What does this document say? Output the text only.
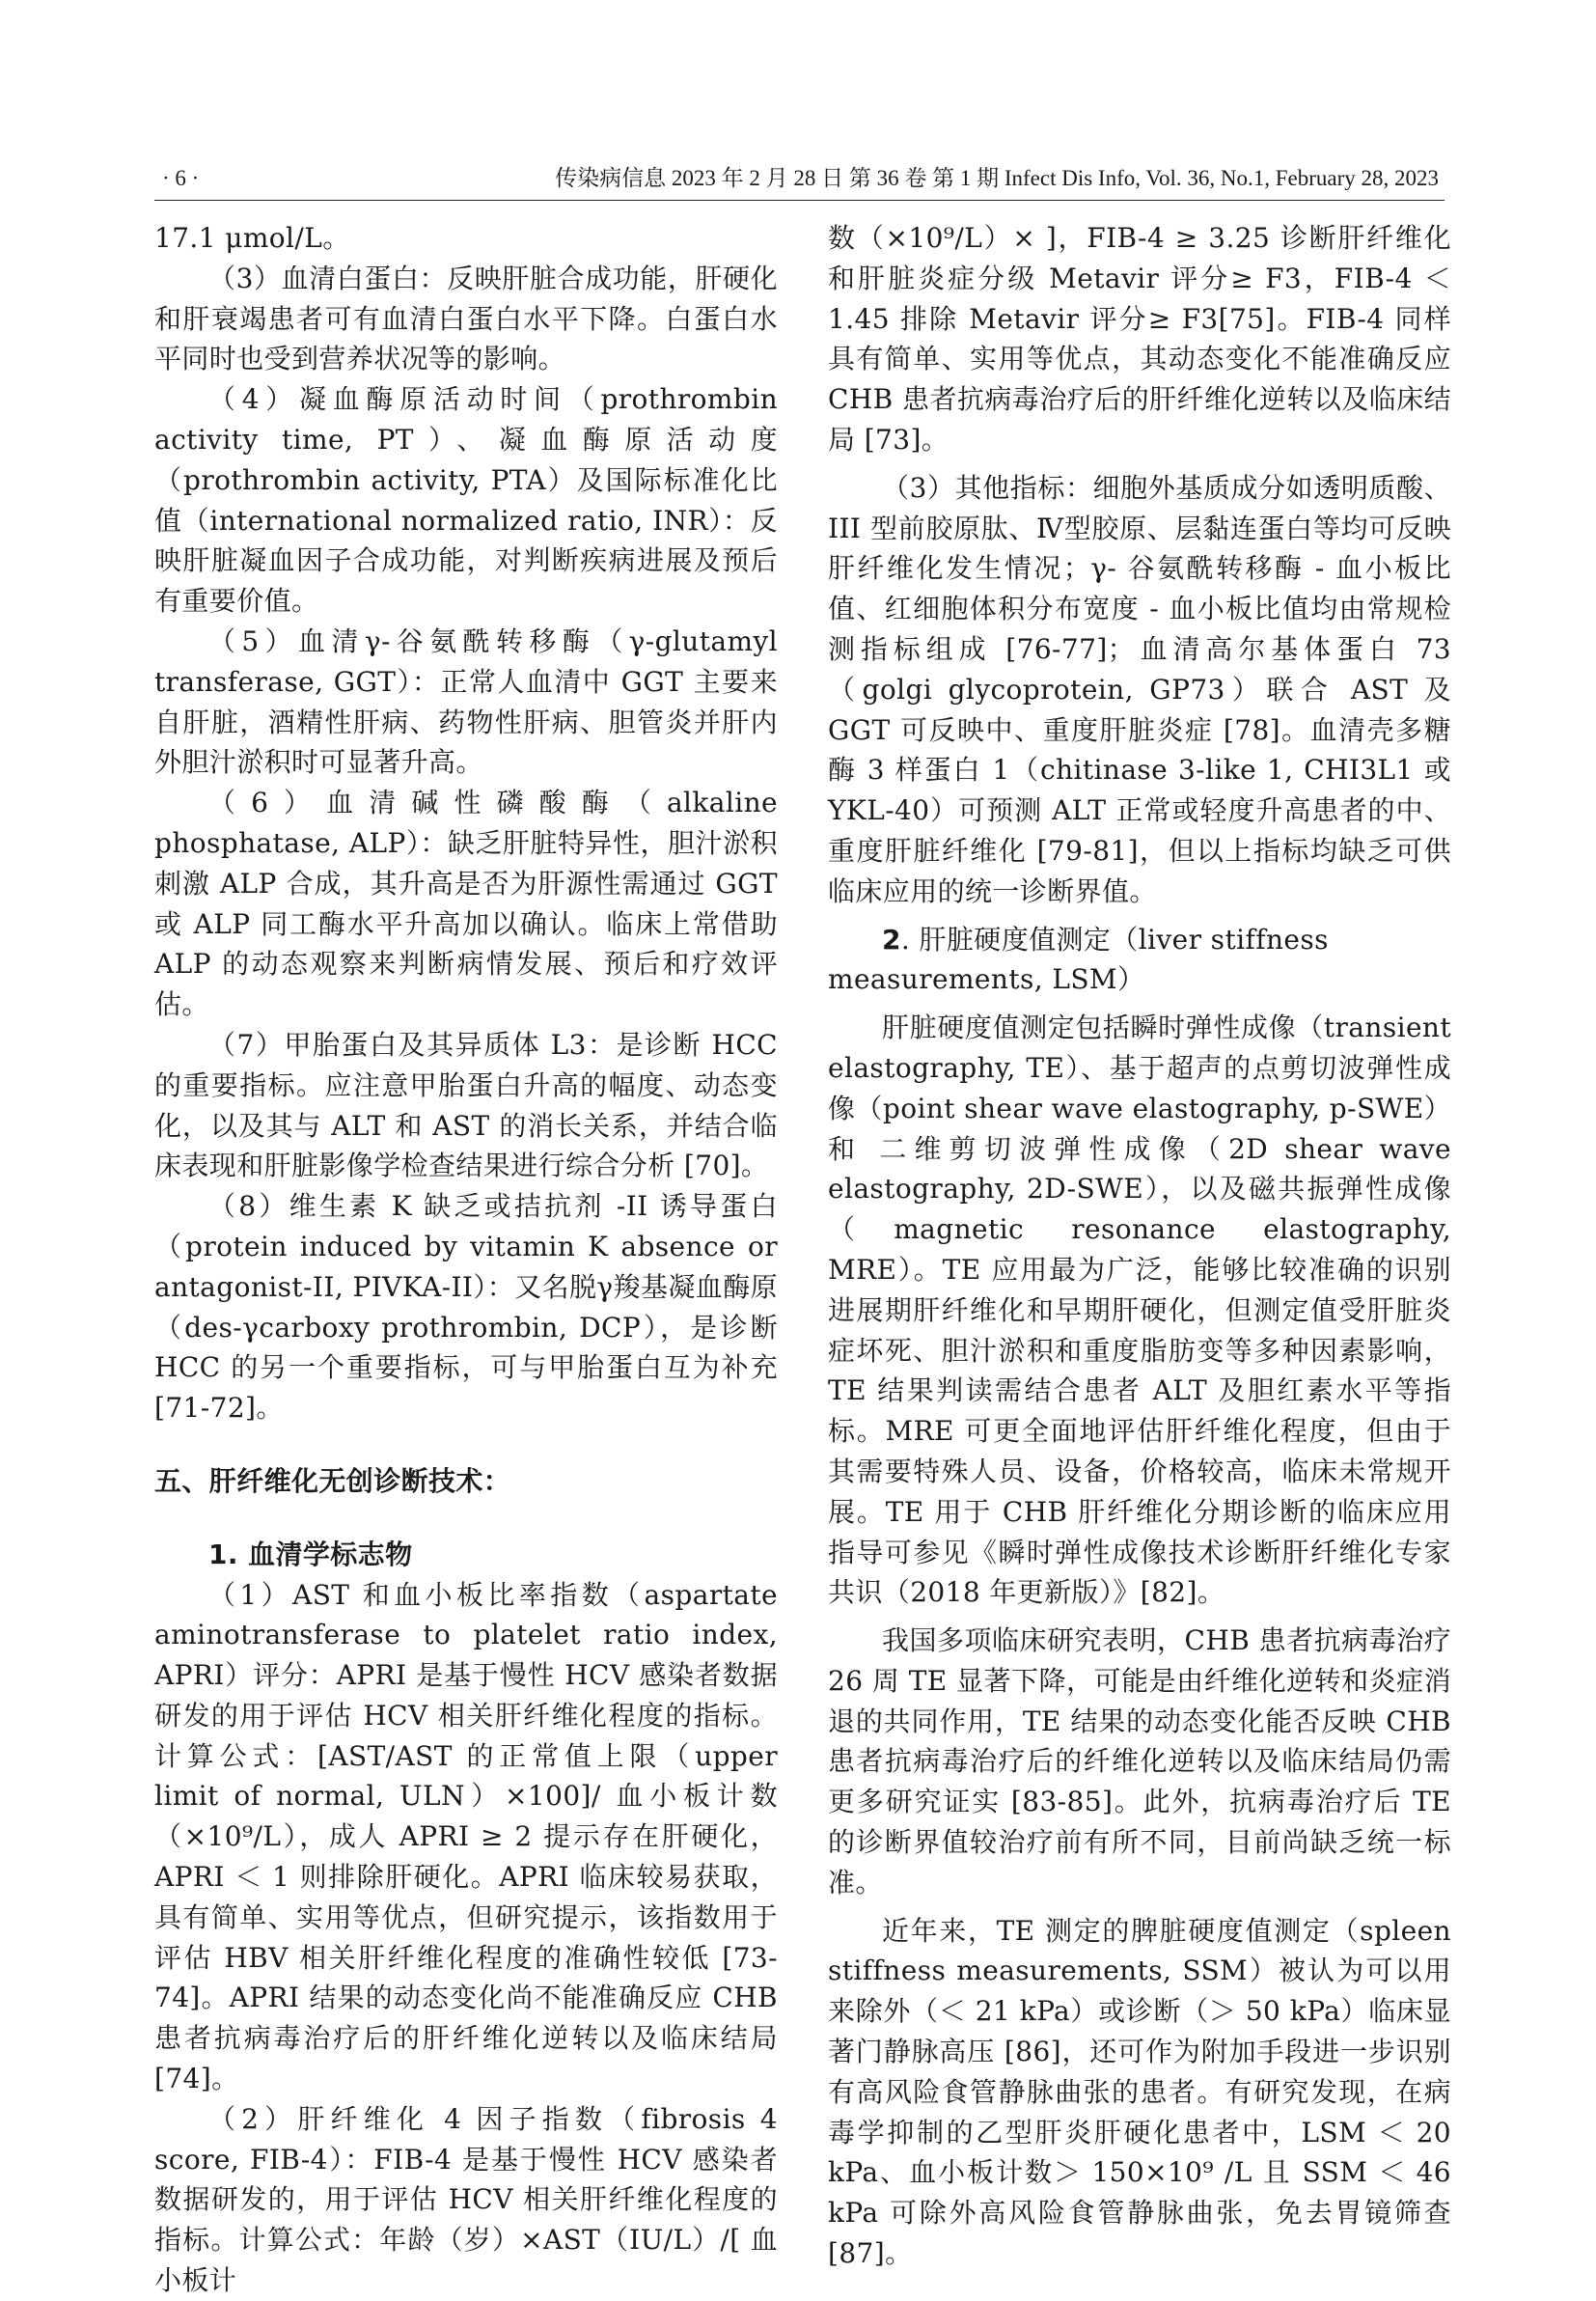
· 6 ·	传染病信息 2023 年 2 月 28 日 第 36 卷 第 1 期 Infect Dis Info, Vol. 36, No.1, February 28, 2023

17.1 μmol/L。

（3）血清白蛋白：反映肝脏合成功能，肝硬化和肝衰竭患者可有血清白蛋白水平下降。白蛋白水平同时也受到营养状况等的影响。

（4）凝血酶原活动时间（prothrombin activity time, PT）、凝血酶原活动度（prothrombin activity, PTA）及国际标准化比值（international normalized ratio, INR）：反映肝脏凝血因子合成功能，对判断疾病进展及预后有重要价值。

（5）血清γ-谷氨酰转移酶（γ-glutamyl transferase, GGT）：正常人血清中 GGT 主要来自肝脏，酒精性肝病、药物性肝病、胆管炎并肝内外胆汁淤积时可显著升高。

（6）血清碱性磷酸酶（alkaline phosphatase, ALP）：缺乏肝脏特异性，胆汁淤积刺激 ALP 合成，其升高是否为肝源性需通过 GGT 或 ALP 同工酶水平升高加以确认。临床上常借助 ALP 的动态观察来判断病情发展、预后和疗效评估。

（7）甲胎蛋白及其异质体 L3：是诊断 HCC 的重要指标。应注意甲胎蛋白升高的幅度、动态变化，以及其与 ALT 和 AST 的消长关系，并结合临床表现和肝脏影像学检查结果进行综合分析 [70]。

（8）维生素 K 缺乏或拮抗剂 -II 诱导蛋白（protein induced by vitamin K absence or antagonist-II, PIVKA-II）：又名脱γ羧基凝血酶原（des-γcarboxy prothrombin, DCP），是诊断 HCC 的另一个重要指标，可与甲胎蛋白互为补充 [71-72]。

五、肝纤维化无创诊断技术：
1. 血清学标志物

（1）AST 和血小板比率指数（aspartate aminotransferase to platelet ratio index, APRI）评分：APRI 是基于慢性 HCV 感染者数据研发的用于评估 HCV 相关肝纤维化程度的指标。计算公式：[AST/AST 的正常值上限（upper limit of normal, ULN）×100]/ 血小板计数（×10⁹/L），成人 APRI ≥ 2 提示存在肝硬化，APRI ＜ 1 则排除肝硬化。APRI 临床较易获取，具有简单、实用等优点，但研究提示，该指数用于评估 HBV 相关肝纤维化程度的准确性较低 [73-74]。APRI 结果的动态变化尚不能准确反应 CHB 患者抗病毒治疗后的肝纤维化逆转以及临床结局 [74]。

（2）肝纤维化 4 因子指数（fibrosis 4 score, FIB-4）：FIB-4 是基于慢性 HCV 感染者数据研发的，用于评估 HCV 相关肝纤维化程度的指标。计算公式：年龄（岁）×AST（IU/L）/[ 血小板计

数（×10⁹/L）× ]，FIB-4 ≥ 3.25 诊断肝纤维化和肝脏炎症分级 Metavir 评分≥ F3，FIB-4 ＜ 1.45 排除 Metavir 评分≥ F3[75]。FIB-4 同样具有简单、实用等优点，其动态变化不能准确反应 CHB 患者抗病毒治疗后的肝纤维化逆转以及临床结局 [73]。

（3）其他指标：细胞外基质成分如透明质酸、III 型前胶原肽、Ⅳ型胶原、层黏连蛋白等均可反映肝纤维化发生情况；γ- 谷氨酰转移酶 - 血小板比值、红细胞体积分布宽度 - 血小板比值均由常规检测指标组成 [76-77]；血清高尔基体蛋白 73（golgi glycoprotein, GP73）联合 AST 及 GGT 可反映中、重度肝脏炎症 [78]。血清壳多糖酶 3 样蛋白 1（chitinase 3-like 1, CHI3L1 或 YKL-40）可预测 ALT 正常或轻度升高患者的中、重度肝脏纤维化 [79-81]，但以上指标均缺乏可供临床应用的统一诊断界值。

2. 肝脏硬度值测定（liver stiffness measurements, LSM）

肝脏硬度值测定包括瞬时弹性成像（transient elastography, TE）、基于超声的点剪切波弹性成像（point shear wave elastography, p-SWE） 和 二维剪切波弹性成像（2D shear wave elastography, 2D-SWE），以及磁共振弹性成像（magnetic resonance elastography, MRE）。TE 应用最为广泛，能够比较准确的识别进展期肝纤维化和早期肝硬化，但测定值受肝脏炎症坏死、胆汁淤积和重度脂肪变等多种因素影响，TE 结果判读需结合患者 ALT 及胆红素水平等指标。MRE 可更全面地评估肝纤维化程度，但由于其需要特殊人员、设备，价格较高，临床未常规开展。TE 用于 CHB 肝纤维化分期诊断的临床应用指导可参见《瞬时弹性成像技术诊断肝纤维化专家共识（2018 年更新版）》[82]。

我国多项临床研究表明，CHB 患者抗病毒治疗 26 周 TE 显著下降，可能是由纤维化逆转和炎症消退的共同作用，TE 结果的动态变化能否反映 CHB 患者抗病毒治疗后的纤维化逆转以及临床结局仍需更多研究证实 [83-85]。此外，抗病毒治疗后 TE 的诊断界值较治疗前有所不同，目前尚缺乏统一标准。

近年来，TE 测定的脾脏硬度值测定（spleen stiffness measurements, SSM）被认为可以用来除外（＜ 21 kPa）或诊断（＞ 50 kPa）临床显著门静脉高压 [86]，还可作为附加手段进一步识别有高风险食管静脉曲张的患者。有研究发现，在病毒学抑制的乙型肝炎肝硬化患者中，LSM ＜ 20 kPa、血小板计数＞ 150×10⁹ /L 且 SSM ＜ 46 kPa 可除外高风险食管静脉曲张，免去胃镜筛查 [87]。
